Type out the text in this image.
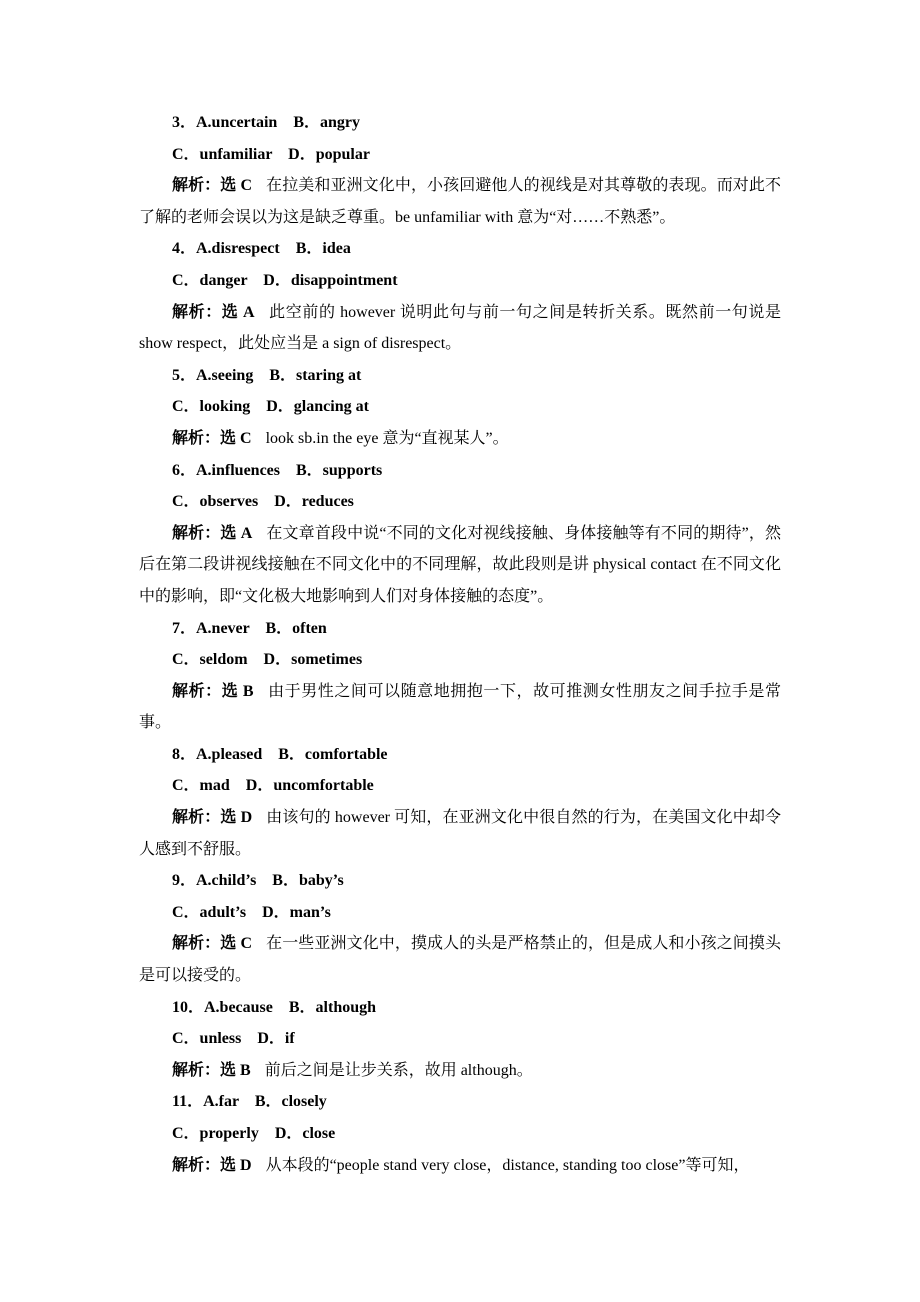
3．A.uncertain　B．angry

C．unfamiliar　D．popular

解析：选 C 在拉美和亚洲文化中，小孩回避他人的视线是对其尊敬的表现。而对此不了解的老师会误以为这是缺乏尊重。be unfamiliar with 意为“对……不熟悉”。

4．A.disrespect　B．idea

C．danger　D．disappointment

解析：选 A 此空前的 however 说明此句与前一句之间是转折关系。既然前一句说是 show respect，此处应当是 a sign of disrespect。

5．A.seeing　B．staring at

C．looking　D．glancing at

解析：选 C look sb.in the eye 意为“直视某人”。

6．A.influences　B．supports

C．observes　D．reduces

解析：选 A 在文章首段中说“不同的文化对视线接触、身体接触等有不同的期待”，然后在第二段讲视线接触在不同文化中的不同理解，故此段则是讲 physical contact 在不同文化中的影响，即“文化极大地影响到人们对身体接触的态度”。

7．A.never　B．often

C．seldom　D．sometimes

解析：选 B 由于男性之间可以随意地拥抱一下，故可推测女性朋友之间手拉手是常事。

8．A.pleased　B．comfortable

C．mad　D．uncomfortable

解析：选 D 由该句的 however 可知，在亚洲文化中很自然的行为，在美国文化中却令人感到不舒服。

9．A.child’s　B．baby’s

C．adult’s　D．man’s

解析：选 C 在一些亚洲文化中，摸成人的头是严格禁止的，但是成人和小孩之间摸头是可以接受的。

10．A.because　B．although

C．unless　D．if

解析：选 B 前后之间是让步关系，故用 although。

11．A.far　B．closely

C．properly　D．close

解析：选 D 从本段的“people stand very close，distance, standing too close”等可知，
